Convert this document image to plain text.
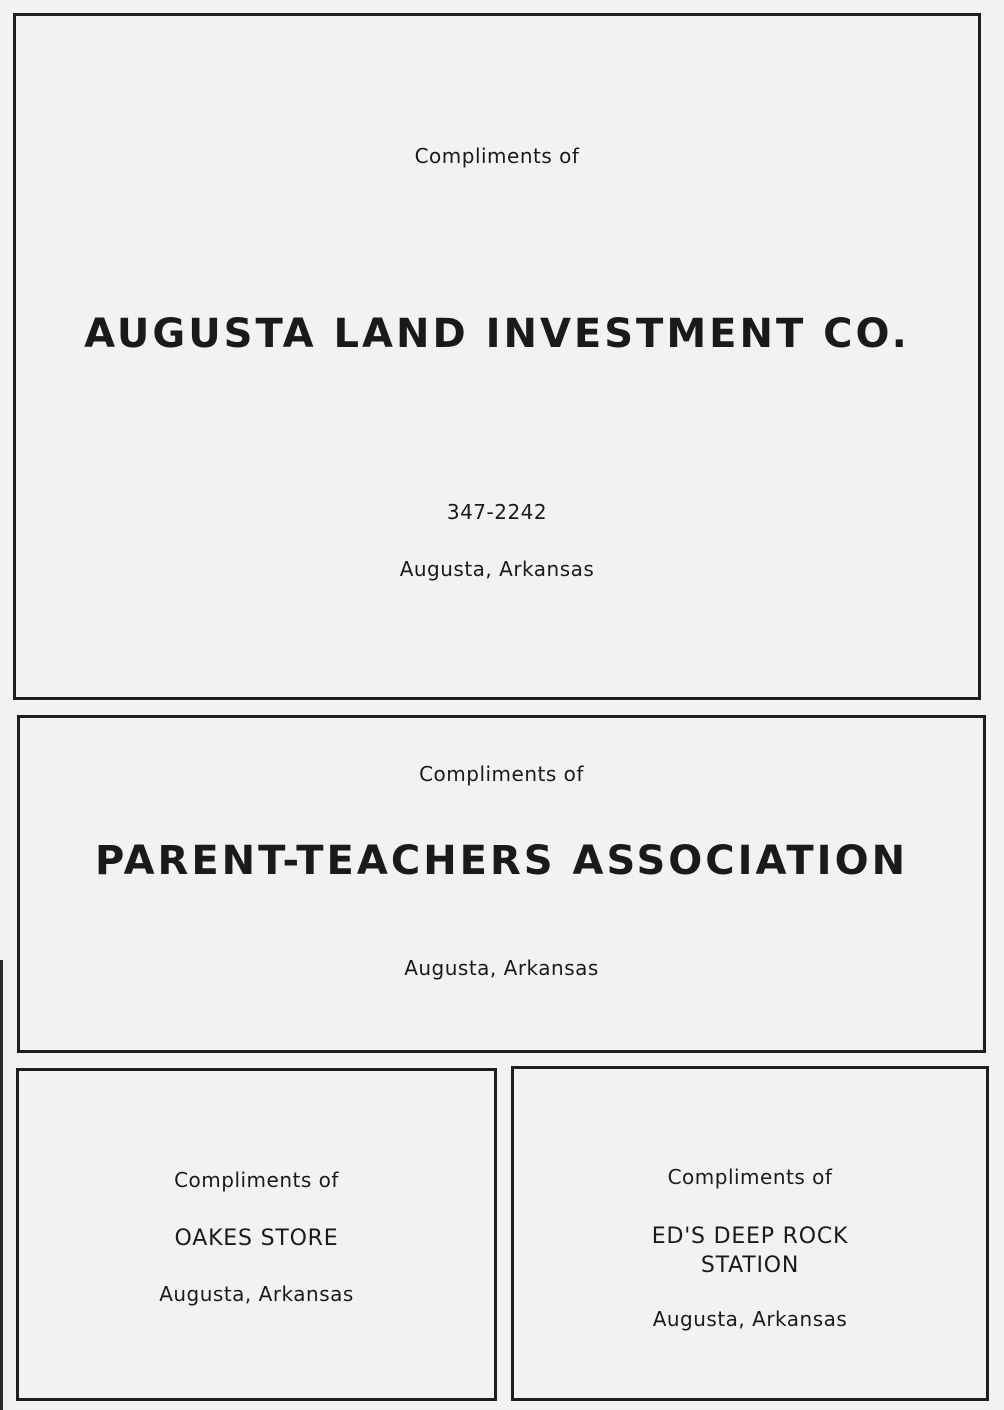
Compliments of
AUGUSTA LAND INVESTMENT CO.
347-2242
Augusta, Arkansas
Compliments of
PARENT-TEACHERS ASSOCIATION
Augusta, Arkansas
Compliments of
OAKES STORE
Augusta, Arkansas
Compliments of
ED'S DEEP ROCK
STATION
Augusta, Arkansas
